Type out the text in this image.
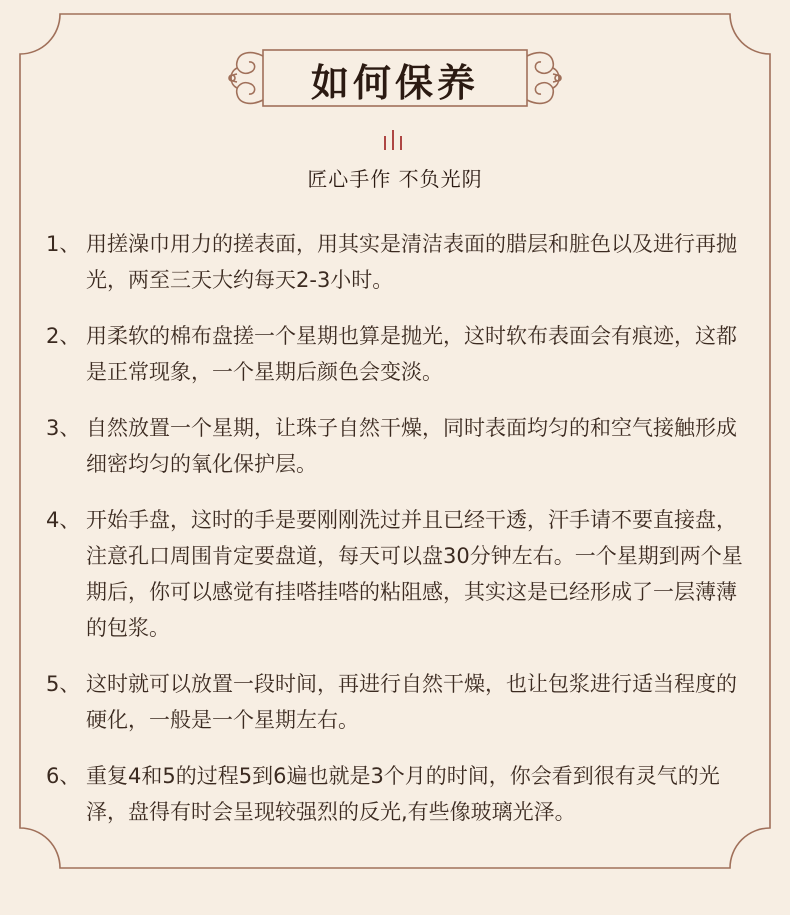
如何保养
匠心手作 不负光阴
1、 用搓澡巾用力的搓表面，用其实是清洁表面的腊层和脏色以及进行再抛光，两至三天大约每天2-3小时。
2、 用柔软的棉布盘搓一个星期也算是抛光，这时软布表面会有痕迹，这都是正常现象，一个星期后颜色会变淡。
3、 自然放置一个星期，让珠子自然干燥，同时表面均匀的和空气接触形成细密均匀的氧化保护层。
4、 开始手盘，这时的手是要刚刚洗过并且已经干透，汗手请不要直接盘，注意孔口周围肯定要盘道，每天可以盘30分钟左右。一个星期到两个星期后，你可以感觉有挂嗒挂嗒的粘阻感，其实这是已经形成了一层薄薄的包浆。
5、 这时就可以放置一段时间，再进行自然干燥，也让包浆进行适当程度的硬化，一般是一个星期左右。
6、 重复4和5的过程5到6遍也就是3个月的时间，你会看到很有灵气的光泽，盘得有时会呈现较强烈的反光,有些像玻璃光泽。
